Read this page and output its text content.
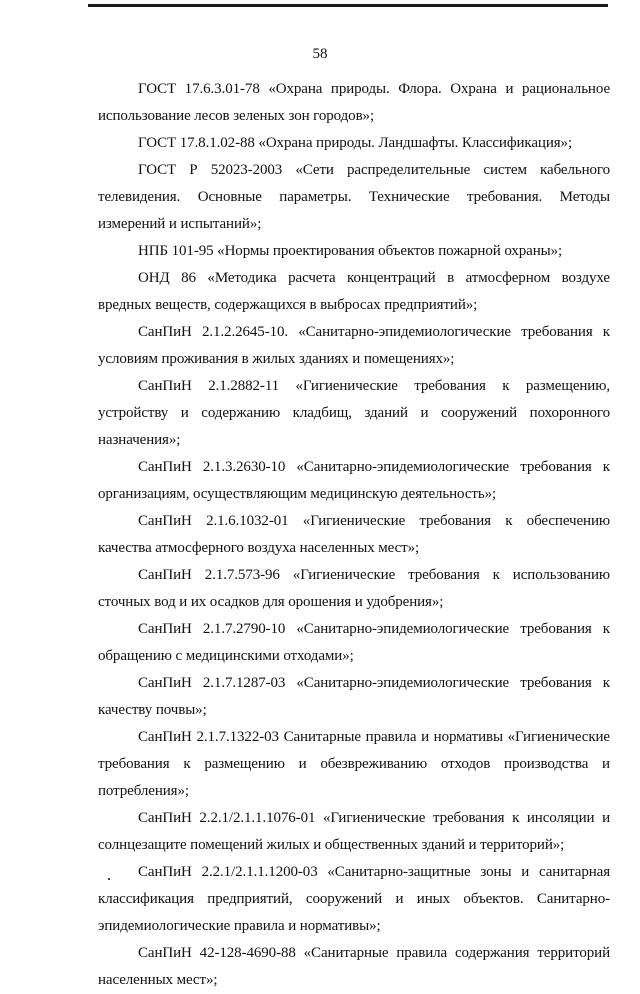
58

ГОСТ 17.6.3.01-78 «Охрана природы. Флора. Охрана и рациональное использование лесов зеленых зон городов»;

ГОСТ 17.8.1.02-88 «Охрана природы. Ландшафты. Классификация»;

ГОСТ Р 52023-2003 «Сети распределительные систем кабельного телевидения. Основные параметры. Технические требования. Методы измерений и испытаний»;

НПБ 101-95 «Нормы проектирования объектов пожарной охраны»;

ОНД 86 «Методика расчета концентраций в атмосферном воздухе вредных веществ, содержащихся в выбросах предприятий»;

СанПиН 2.1.2.2645-10. «Санитарно-эпидемиологические требования к условиям проживания в жилых зданиях и помещениях»;

СанПиН 2.1.2882-11 «Гигиенические требования к размещению, устройству и содержанию кладбищ, зданий и сооружений похоронного назначения»;

СанПиН 2.1.3.2630-10 «Санитарно-эпидемиологические требования к организациям, осуществляющим медицинскую деятельность»;

СанПиН 2.1.6.1032-01 «Гигиенические требования к обеспечению качества атмосферного воздуха населенных мест»;

СанПиН 2.1.7.573-96 «Гигиенические требования к использованию сточных вод и их осадков для орошения и удобрения»;

СанПиН 2.1.7.2790-10 «Санитарно-эпидемиологические требования к обращению с медицинскими отходами»;

СанПиН 2.1.7.1287-03 «Санитарно-эпидемиологические требования к качеству почвы»;

СанПиН 2.1.7.1322-03 Санитарные правила и нормативы «Гигиенические требования к размещению и обезвреживанию отходов производства и потребления»;

СанПиН 2.2.1/2.1.1.1076-01 «Гигиенические требования к инсоляции и солнцезащите помещений жилых и общественных зданий и территорий»;

СанПиН 2.2.1/2.1.1.1200-03 «Санитарно-защитные зоны и санитарная классификация предприятий, сооружений и иных объектов. Санитарно-эпидемиологические правила и нормативы»;

СанПиН 42-128-4690-88 «Санитарные правила содержания территорий населенных мест»;
